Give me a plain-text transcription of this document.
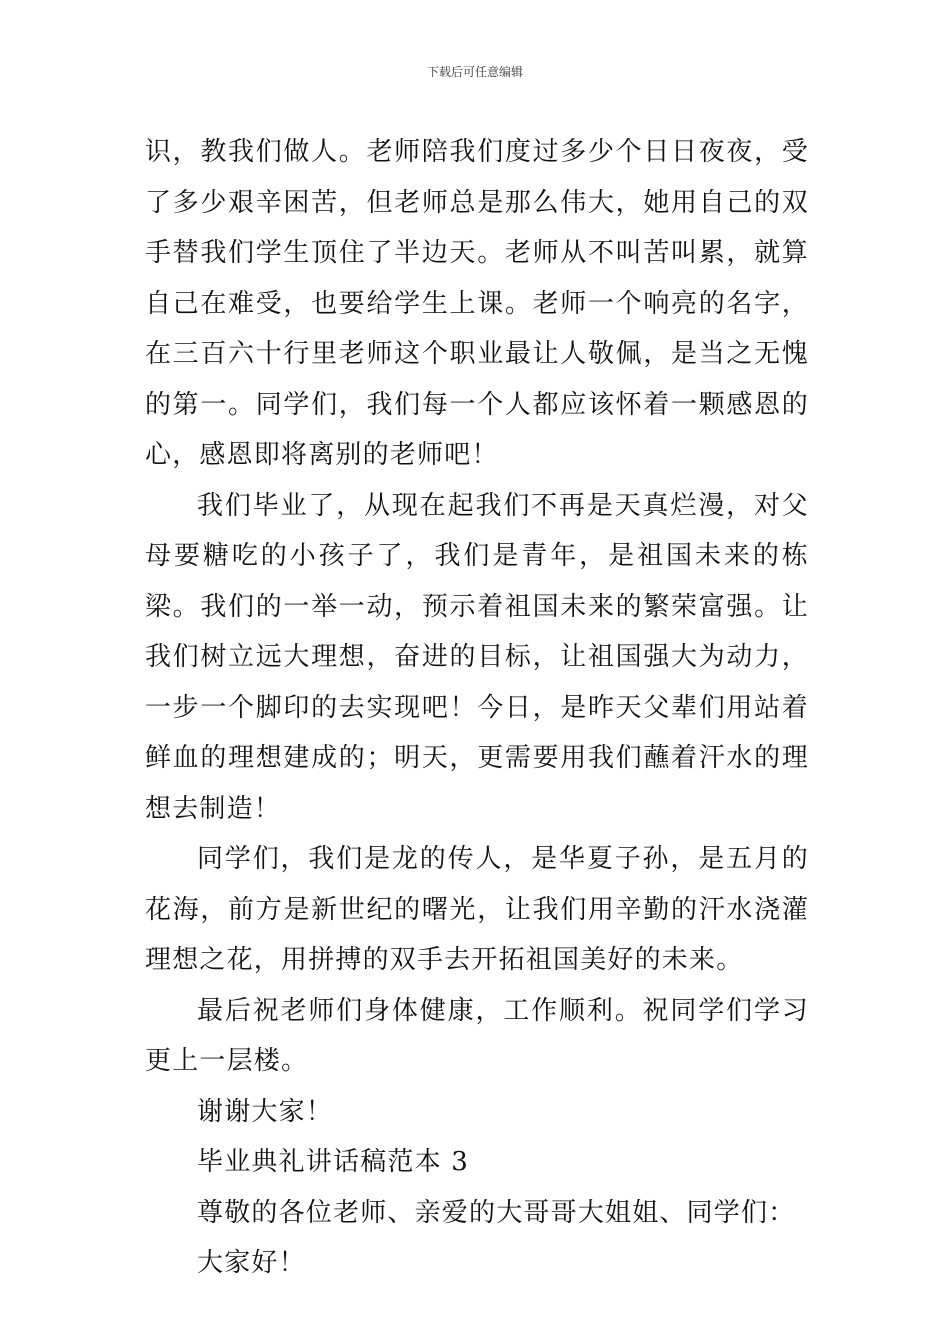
下载后可任意编辑

识，教我们做人。老师陪我们度过多少个日日夜夜，受了多少艰辛困苦，但老师总是那么伟大，她用自己的双手替我们学生顶住了半边天。老师从不叫苦叫累，就算自己在难受，也要给学生上课。老师一个响亮的名字，在三百六十行里老师这个职业最让人敬佩，是当之无愧的第一。同学们，我们每一个人都应该怀着一颗感恩的心，感恩即将离别的老师吧！

我们毕业了，从现在起我们不再是天真烂漫，对父母要糖吃的小孩子了，我们是青年，是祖国未来的栋梁。我们的一举一动，预示着祖国未来的繁荣富强。让我们树立远大理想，奋进的目标，让祖国强大为动力，一步一个脚印的去实现吧！今日，是昨天父辈们用站着鲜血的理想建成的；明天，更需要用我们蘸着汗水的理想去制造！

同学们，我们是龙的传人，是华夏子孙，是五月的花海，前方是新世纪的曙光，让我们用辛勤的汗水浇灌理想之花，用拼搏的双手去开拓祖国美好的未来。

最后祝老师们身体健康，工作顺利。祝同学们学习更上一层楼。

谢谢大家！

毕业典礼讲话稿范本 3

尊敬的各位老师、亲爱的大哥哥大姐姐、同学们：

大家好！
